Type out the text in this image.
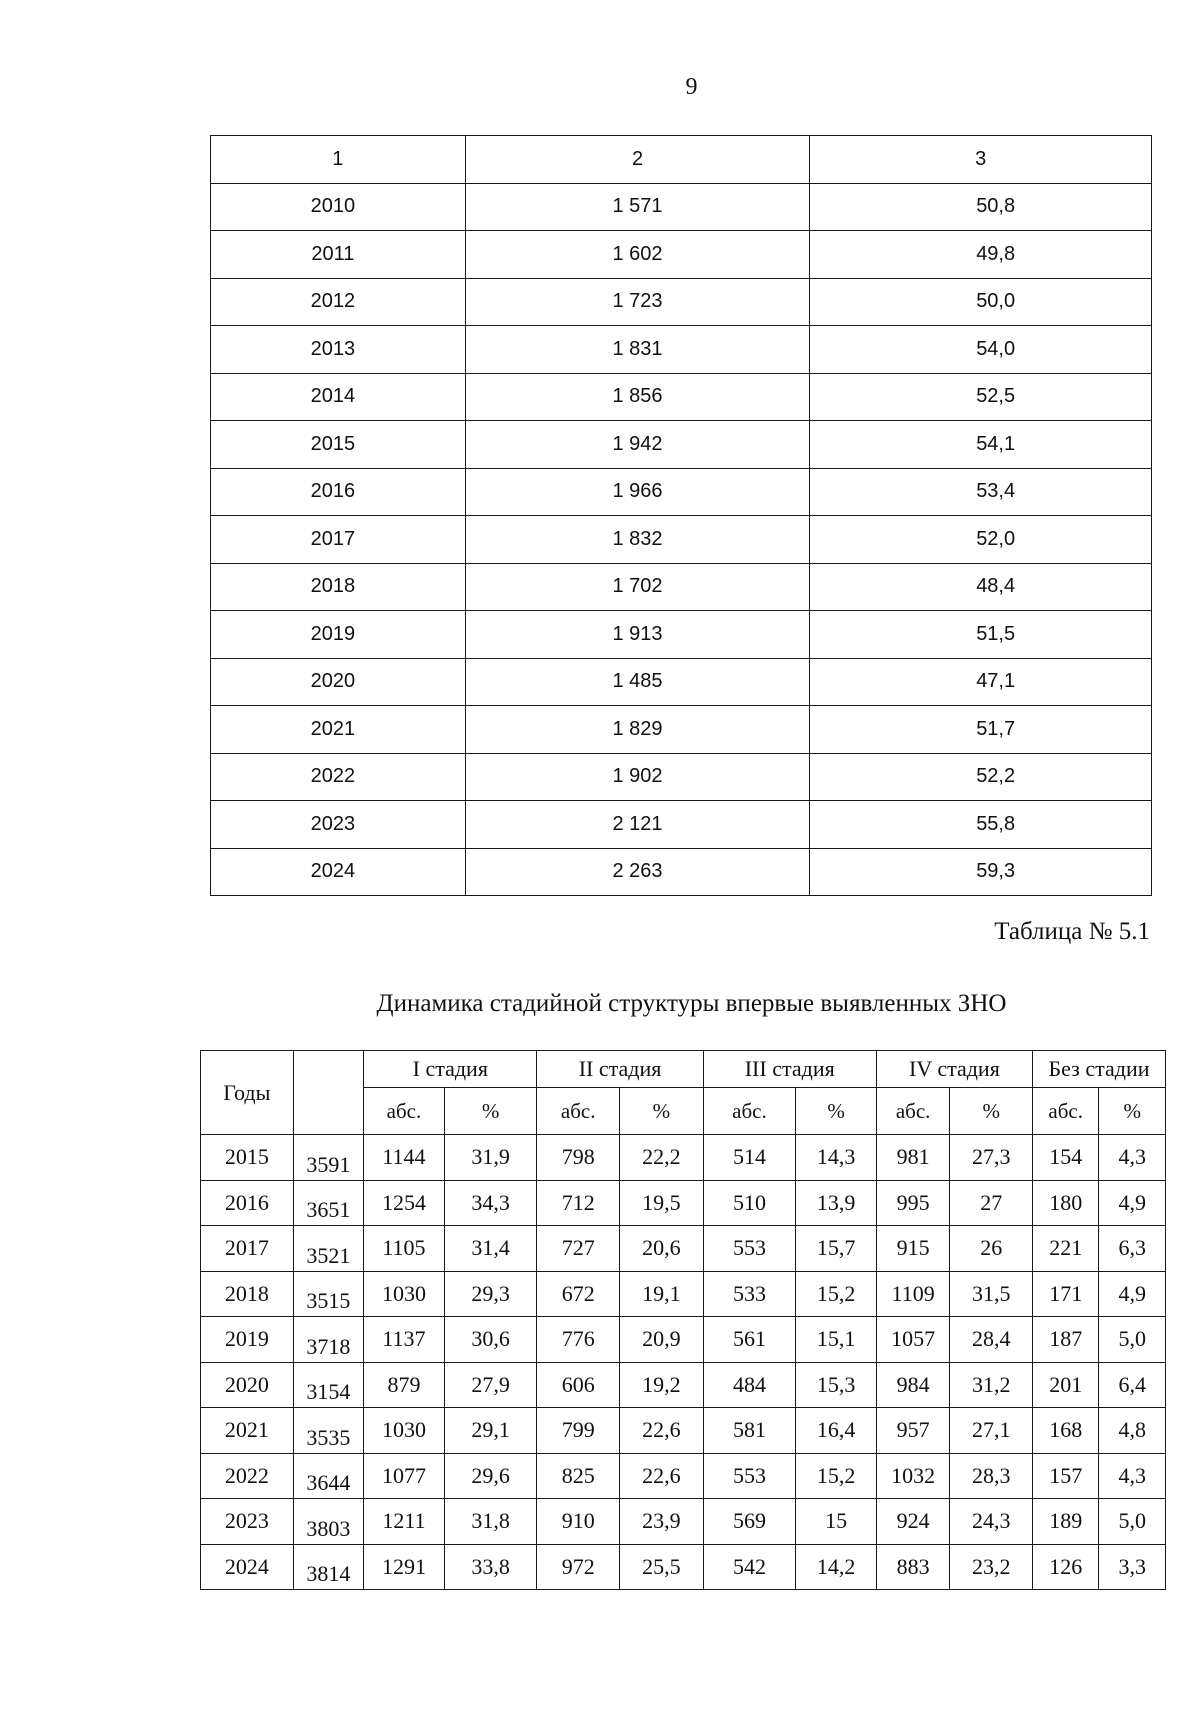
9
1	2	3
2010	1 571	50,8
2011	1 602	49,8
2012	1 723	50,0
2013	1 831	54,0
2014	1 856	52,5
2015	1 942	54,1
2016	1 966	53,4
2017	1 832	52,0
2018	1 702	48,4
2019	1 913	51,5
2020	1 485	47,1
2021	1 829	51,7
2022	1 902	52,2
2023	2 121	55,8
2024	2 263	59,3
Таблица № 5.1
Динамика стадийной структуры впервые выявленных ЗНО
Годы		I стадия		II стадия		III стадия		IV стадия		Без стадии	
		абс.	%	абс.	%	абс.	%	абс.	%	абс.	%
2015	3591	1144	31,9	798	22,2	514	14,3	981	27,3	154	4,3
2016	3651	1254	34,3	712	19,5	510	13,9	995	27	180	4,9
2017	3521	1105	31,4	727	20,6	553	15,7	915	26	221	6,3
2018	3515	1030	29,3	672	19,1	533	15,2	1109	31,5	171	4,9
2019	3718	1137	30,6	776	20,9	561	15,1	1057	28,4	187	5,0
2020	3154	879	27,9	606	19,2	484	15,3	984	31,2	201	6,4
2021	3535	1030	29,1	799	22,6	581	16,4	957	27,1	168	4,8
2022	3644	1077	29,6	825	22,6	553	15,2	1032	28,3	157	4,3
2023	3803	1211	31,8	910	23,9	569	15	924	24,3	189	5,0
2024	3814	1291	33,8	972	25,5	542	14,2	883	23,2	126	3,3
